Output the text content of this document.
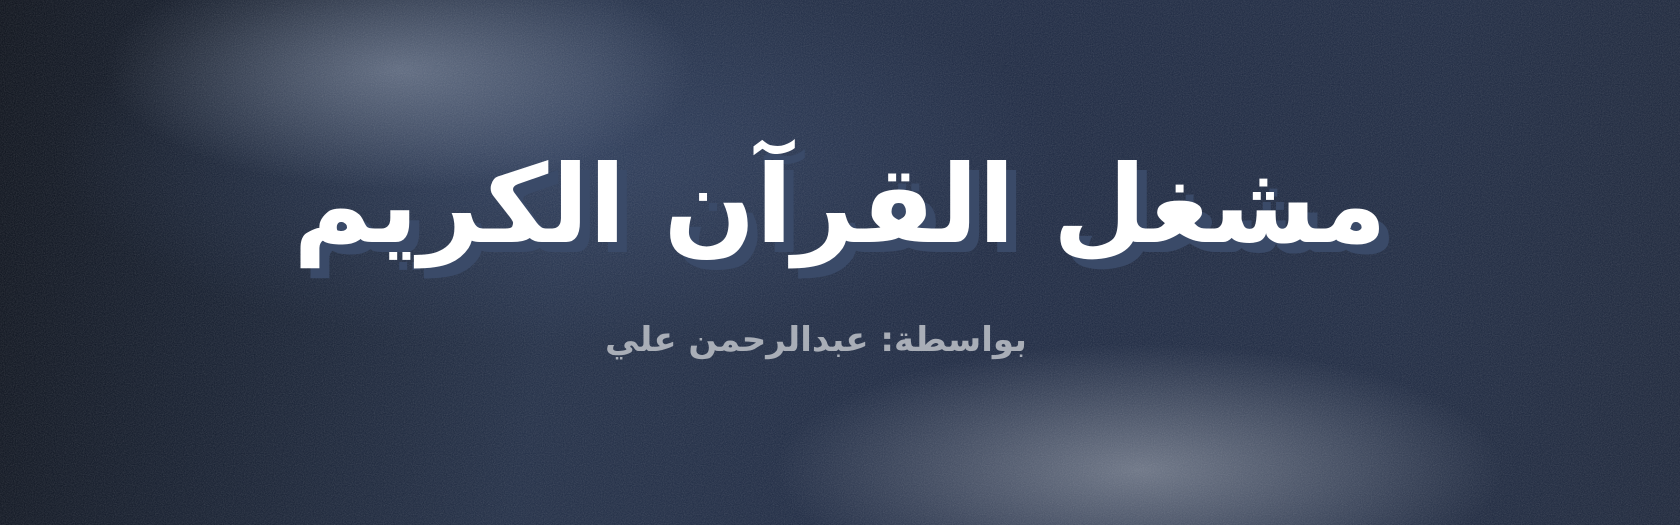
مشغل القرآن الكريم
بواسطة: عبدالرحمن علي
